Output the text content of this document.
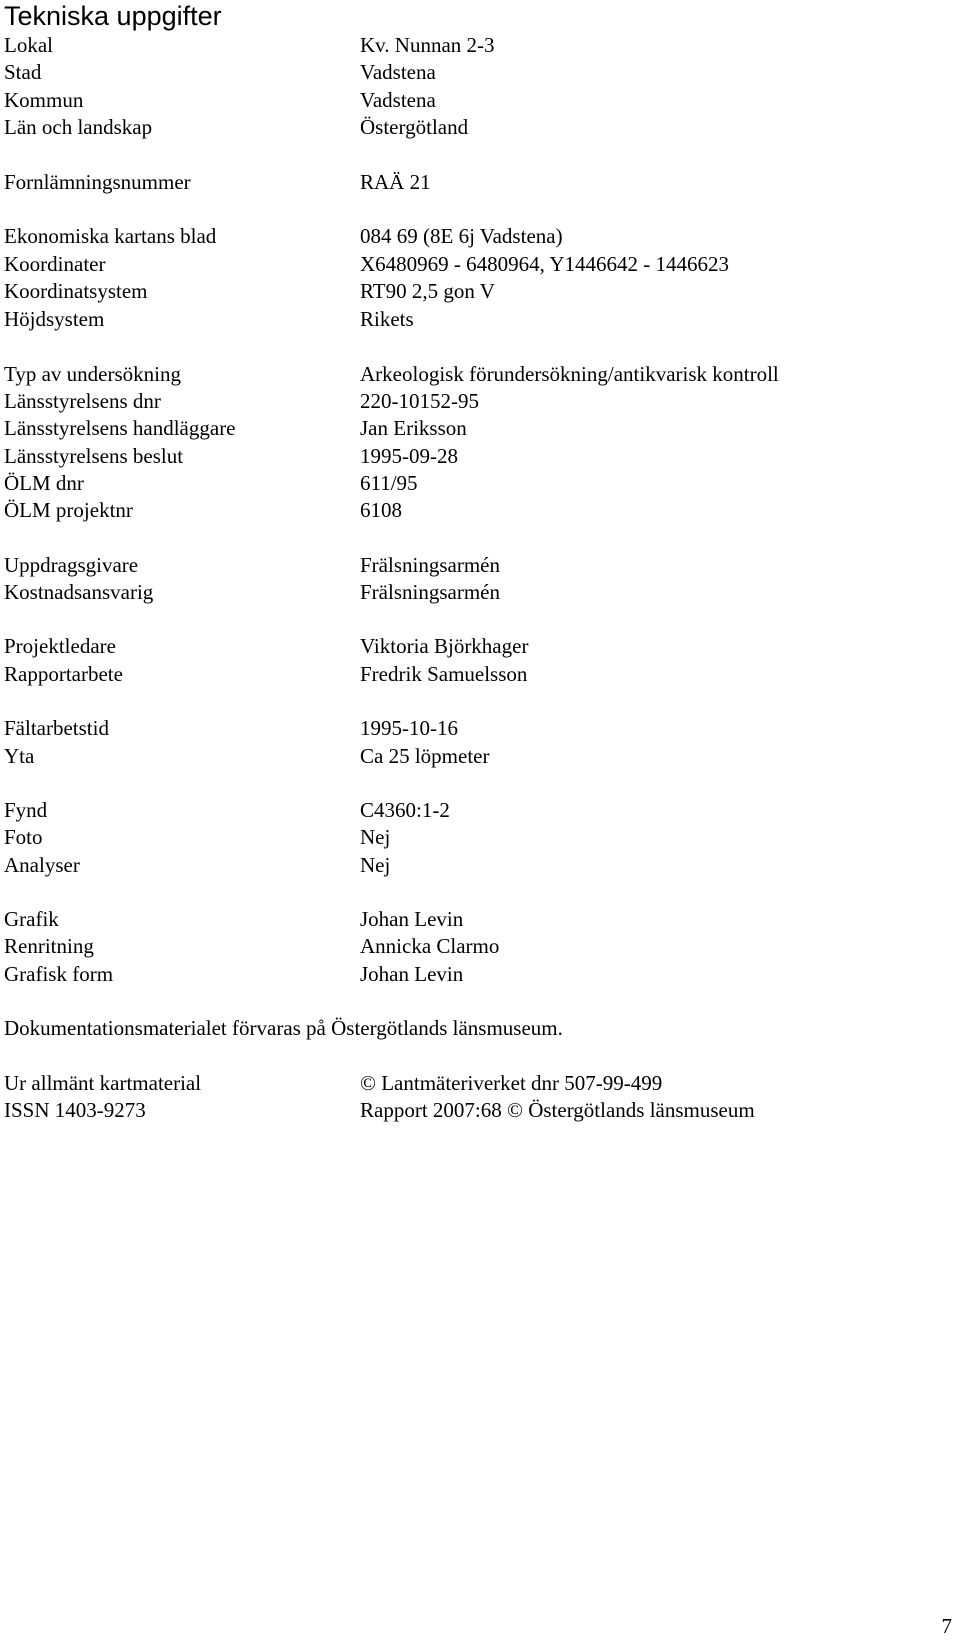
Tekniska uppgifter
Lokal	Kv. Nunnan 2-3
Stad	Vadstena
Kommun	Vadstena
Län och landskap	Östergötland
Fornlämningsnummer	RAÄ 21
Ekonomiska kartans blad	084 69 (8E 6j Vadstena)
Koordinater	X6480969 - 6480964, Y1446642 - 1446623
Koordinatsystem	RT90 2,5 gon V
Höjdsystem	Rikets
Typ av undersökning	Arkeologisk förundersökning/antikvarisk kontroll
Länsstyrelsens dnr	220-10152-95
Länsstyrelsens handläggare	Jan Eriksson
Länsstyrelsens beslut	1995-09-28
ÖLM dnr	611/95
ÖLM projektnr	6108
Uppdragsgivare	Frälsningsarmén
Kostnadsansvarig	Frälsningsarmén
Projektledare	Viktoria Björkhager
Rapportarbete	Fredrik Samuelsson
Fältarbetstid	1995-10-16
Yta	Ca 25 löpmeter
Fynd	C4360:1-2
Foto	Nej
Analyser	Nej
Grafik	Johan Levin
Renritning	Annicka Clarmo
Grafisk form	Johan Levin
Dokumentationsmaterialet förvaras på Östergötlands länsmuseum.
Ur allmänt kartmaterial	© Lantmäteriverket dnr 507-99-499
ISSN 1403-9273	Rapport 2007:68 © Östergötlands länsmuseum
7
